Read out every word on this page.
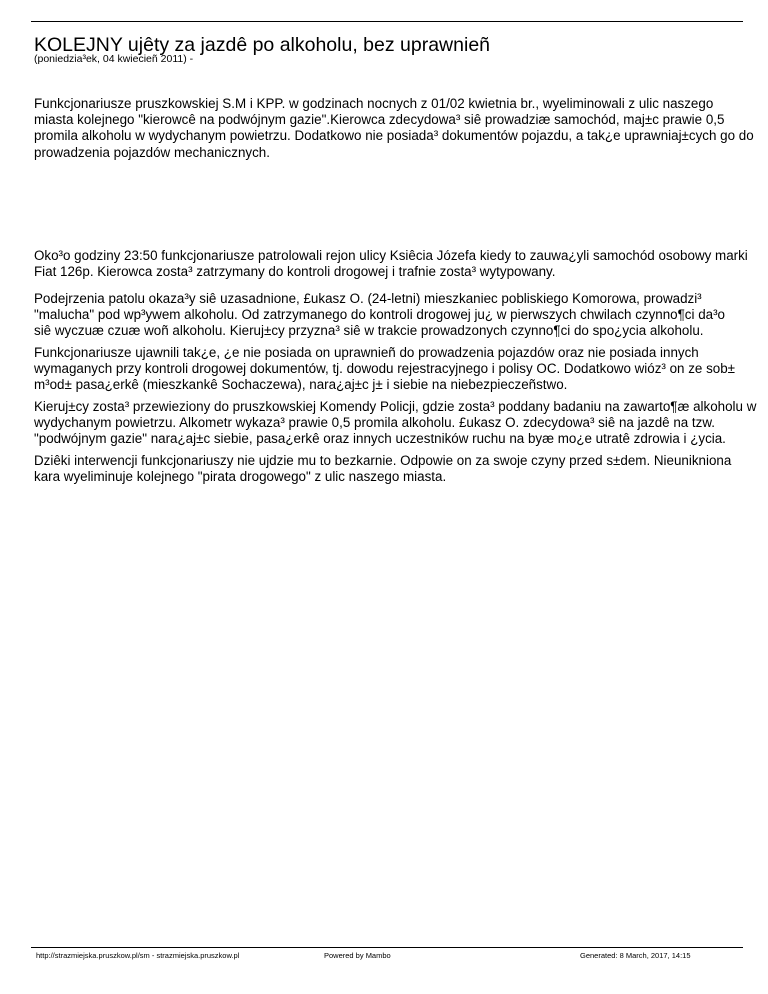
KOLEJNY ujêty za jazdê po alkoholu, bez uprawnieñ
(poniedzia³ek, 04 kwiecieñ 2011) -
Funkcjonariusze pruszkowskiej S.M i KPP. w godzinach nocnych z 01/02 kwietnia br., wyeliminowali z ulic naszego
miasta kolejnego "kierowcê na podwójnym gazie".Kierowca zdecydowa³ siê prowadziæ samochód, maj±c prawie 0,5
promila alkoholu w wydychanym powietrzu. Dodatkowo nie posiada³ dokumentów pojazdu, a tak¿e uprawniaj±cych go do
prowadzenia pojazdów mechanicznych.
Oko³o godziny 23:50 funkcjonariusze patrolowali rejon ulicy Ksiêcia Józefa kiedy to zauwa¿yli samochód osobowy marki
Fiat 126p. Kierowca zosta³ zatrzymany do kontroli drogowej i trafnie zosta³ wytypowany.
Podejrzenia patolu okaza³y siê uzasadnione, £ukasz O. (24-letni) mieszkaniec pobliskiego Komorowa, prowadzi³
"malucha" pod wp³ywem alkoholu. Od zatrzymanego do kontroli drogowej ju¿ w pierwszych chwilach czynno¶ci da³o
siê wyczuæ czuæ woñ alkoholu. Kieruj±cy przyzna³ siê w trakcie prowadzonych czynno¶ci do spo¿ycia alkoholu.
Funkcjonariusze ujawnili tak¿e, ¿e nie posiada on uprawnieñ do prowadzenia pojazdów oraz nie posiada innych
wymaganych przy kontroli drogowej dokumentów, tj. dowodu rejestracyjnego i polisy OC. Dodatkowo wióz³ on ze sob±
m³od± pasa¿erkê (mieszkankê Sochaczewa), nara¿aj±c j± i siebie na niebezpieczeñstwo.
Kieruj±cy zosta³ przewieziony do pruszkowskiej Komendy Policji, gdzie zosta³ poddany badaniu na zawarto¶æ alkoholu w
wydychanym powietrzu. Alkometr wykaza³ prawie 0,5 promila alkoholu. £ukasz O. zdecydowa³ siê na jazdê na tzw.
"podwójnym gazie" nara¿aj±c siebie, pasa¿erkê oraz innych uczestników ruchu na byæ mo¿e utratê zdrowia i ¿ycia.
Dziêki interwencji funkcjonariuszy nie ujdzie mu to bezkarnie. Odpowie on za swoje czyny przed s±dem. Nieunikniona
kara wyeliminuje kolejnego "pirata drogowego" z ulic naszego miasta.
http://strazmiejska.pruszkow.pl/sm - strazmiejska.pruszkow.pl	Powered by Mambo	Generated: 8 March, 2017, 14:15
